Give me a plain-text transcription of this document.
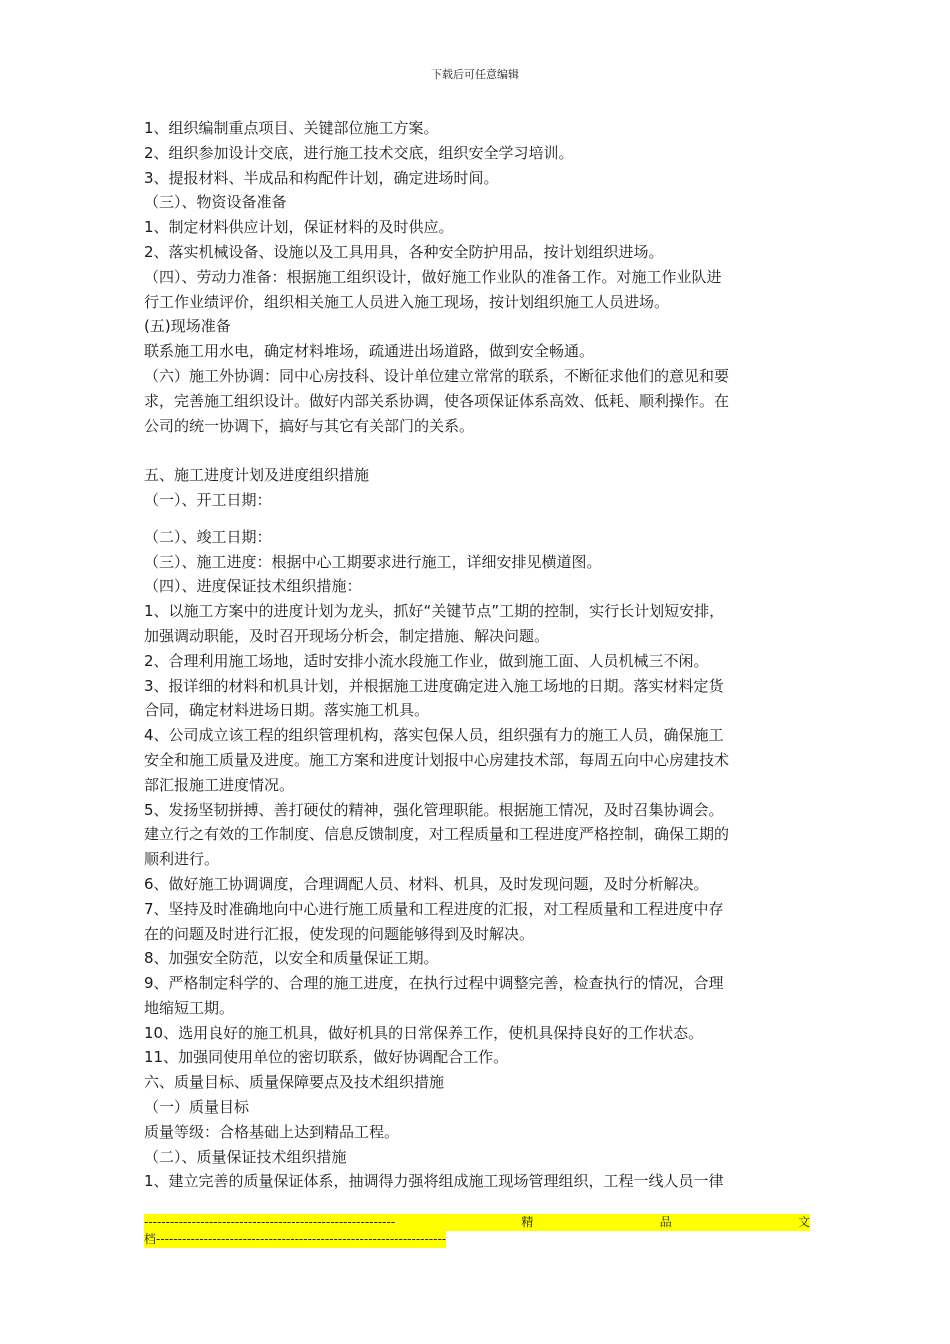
下载后可任意编辑
1、组织编制重点项目、关键部位施工方案。
2、组织参加设计交底，进行施工技术交底，组织安全学习培训。
3、提报材料、半成品和构配件计划，确定进场时间。
（三）、物资设备准备
1、制定材料供应计划，保证材料的及时供应。
2、落实机械设备、设施以及工具用具，各种安全防护用品，按计划组织进场。
（四）、劳动力准备：根据施工组织设计，做好施工作业队的准备工作。对施工作业队进
行工作业绩评价，组织相关施工人员进入施工现场，按计划组织施工人员进场。
(五)现场准备
联系施工用水电，确定材料堆场，疏通进出场道路，做到安全畅通。
（六）施工外协调：同中心房技科、设计单位建立常常的联系，不断征求他们的意见和要
求，完善施工组织设计。做好内部关系协调，使各项保证体系高效、低耗、顺利操作。在
公司的统一协调下，搞好与其它有关部门的关系。
五、施工进度计划及进度组织措施
（一）、开工日期：
（二）、竣工日期：
（三）、施工进度：根据中心工期要求进行施工，详细安排见横道图。
（四）、进度保证技术组织措施：
1、以施工方案中的进度计划为龙头，抓好“关键节点”工期的控制，实行长计划短安排，
加强调动职能，及时召开现场分析会，制定措施、解决问题。
2、合理利用施工场地，适时安排小流水段施工作业，做到施工面、人员机械三不闲。
3、报详细的材料和机具计划，并根据施工进度确定进入施工场地的日期。落实材料定货
合同，确定材料进场日期。落实施工机具。
4、公司成立该工程的组织管理机构，落实包保人员，组织强有力的施工人员，确保施工
安全和施工质量及进度。施工方案和进度计划报中心房建技术部，每周五向中心房建技术
部汇报施工进度情况。
5、发扬坚韧拼搏、善打硬仗的精神，强化管理职能。根据施工情况，及时召集协调会。
建立行之有效的工作制度、信息反馈制度，对工程质量和工程进度严格控制，确保工期的
顺利进行。
6、做好施工协调调度，合理调配人员、材料、机具，及时发现问题，及时分析解决。
7、坚持及时准确地向中心进行施工质量和工程进度的汇报，对工程质量和工程进度中存
在的问题及时进行汇报，使发现的问题能够得到及时解决。
8、加强安全防范，以安全和质量保证工期。
9、严格制定科学的、合理的施工进度，在执行过程中调整完善，检查执行的情况，合理
地缩短工期。
10、选用良好的施工机具，做好机具的日常保养工作，使机具保持良好的工作状态。
11、加强同使用单位的密切联系，做好协调配合工作。
六、质量目标、质量保障要点及技术组织措施
（一）质量目标
质量等级：合格基础上达到精品工程。
（二）、质量保证技术组织措施
1、建立完善的质量保证体系，抽调得力强将组成施工现场管理组织，工程一线人员一律
----------------------------------------------------------	精	品	文
档-------------------------------------------------------------------
